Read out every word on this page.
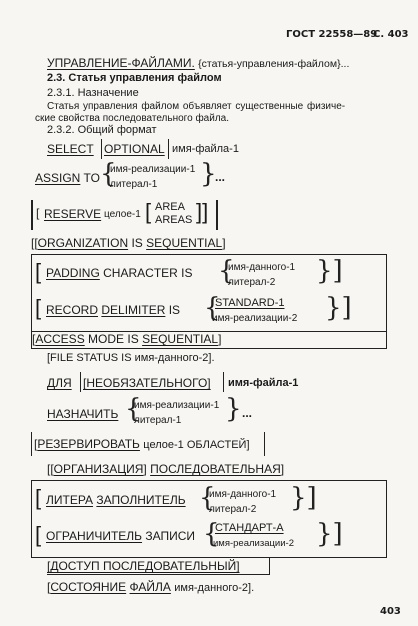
ГОСТ 22558—89
С. 403
УПРАВЛЕНИЕ-ФАЙЛАМИ. {статья-управления-файлом}...
2.3. Статья управления файлом
2.3.1. Назначение
Статья управления файлом объявляет существенные физиче-
ские свойства последовательного файла.
2.3.2. Общий формат
SELECT OPTIONAL имя-файла-1
ASSIGN TO {
имя-реализации-1
литерал-1 }
...
[ RESERVE целое-1 [ AREA
AREAS ]]
[[ORGANIZATION IS SEQUENTIAL]
[ PADDING CHARACTER IS {
имя-данного-1
литерал-2 }]
[ RECORD DELIMITER IS {
STANDARD-1
имя-реализации-2 }]
[ACCESS MODE IS SEQUENTIAL]
[FILE STATUS IS имя-данного-2].
ДЛЯ [НЕОБЯЗАТЕЛЬНОГО] имя-файла-1
НАЗНАЧИТЬ {
имя-реализации-1
литерал-1 } ...
[РЕЗЕРВИРОВАТЬ целое-1 ОБЛАСТЕЙ]
[[ОРГАНИЗАЦИЯ] ПОСЛЕДОВАТЕЛЬНАЯ]
[ ЛИТЕРА ЗАПОЛНИТЕЛЬ {
имя-данного-1
литерал-2 }]
[ ОГРАНИЧИТЕЛЬ ЗАПИСИ {
СТАНДАРТ-А
имя-реализации-2 }]
[ДОСТУП ПОСЛЕДОВАТЕЛЬНЫЙ]
[СОСТОЯНИЕ ФАЙЛА имя-данного-2].
403
